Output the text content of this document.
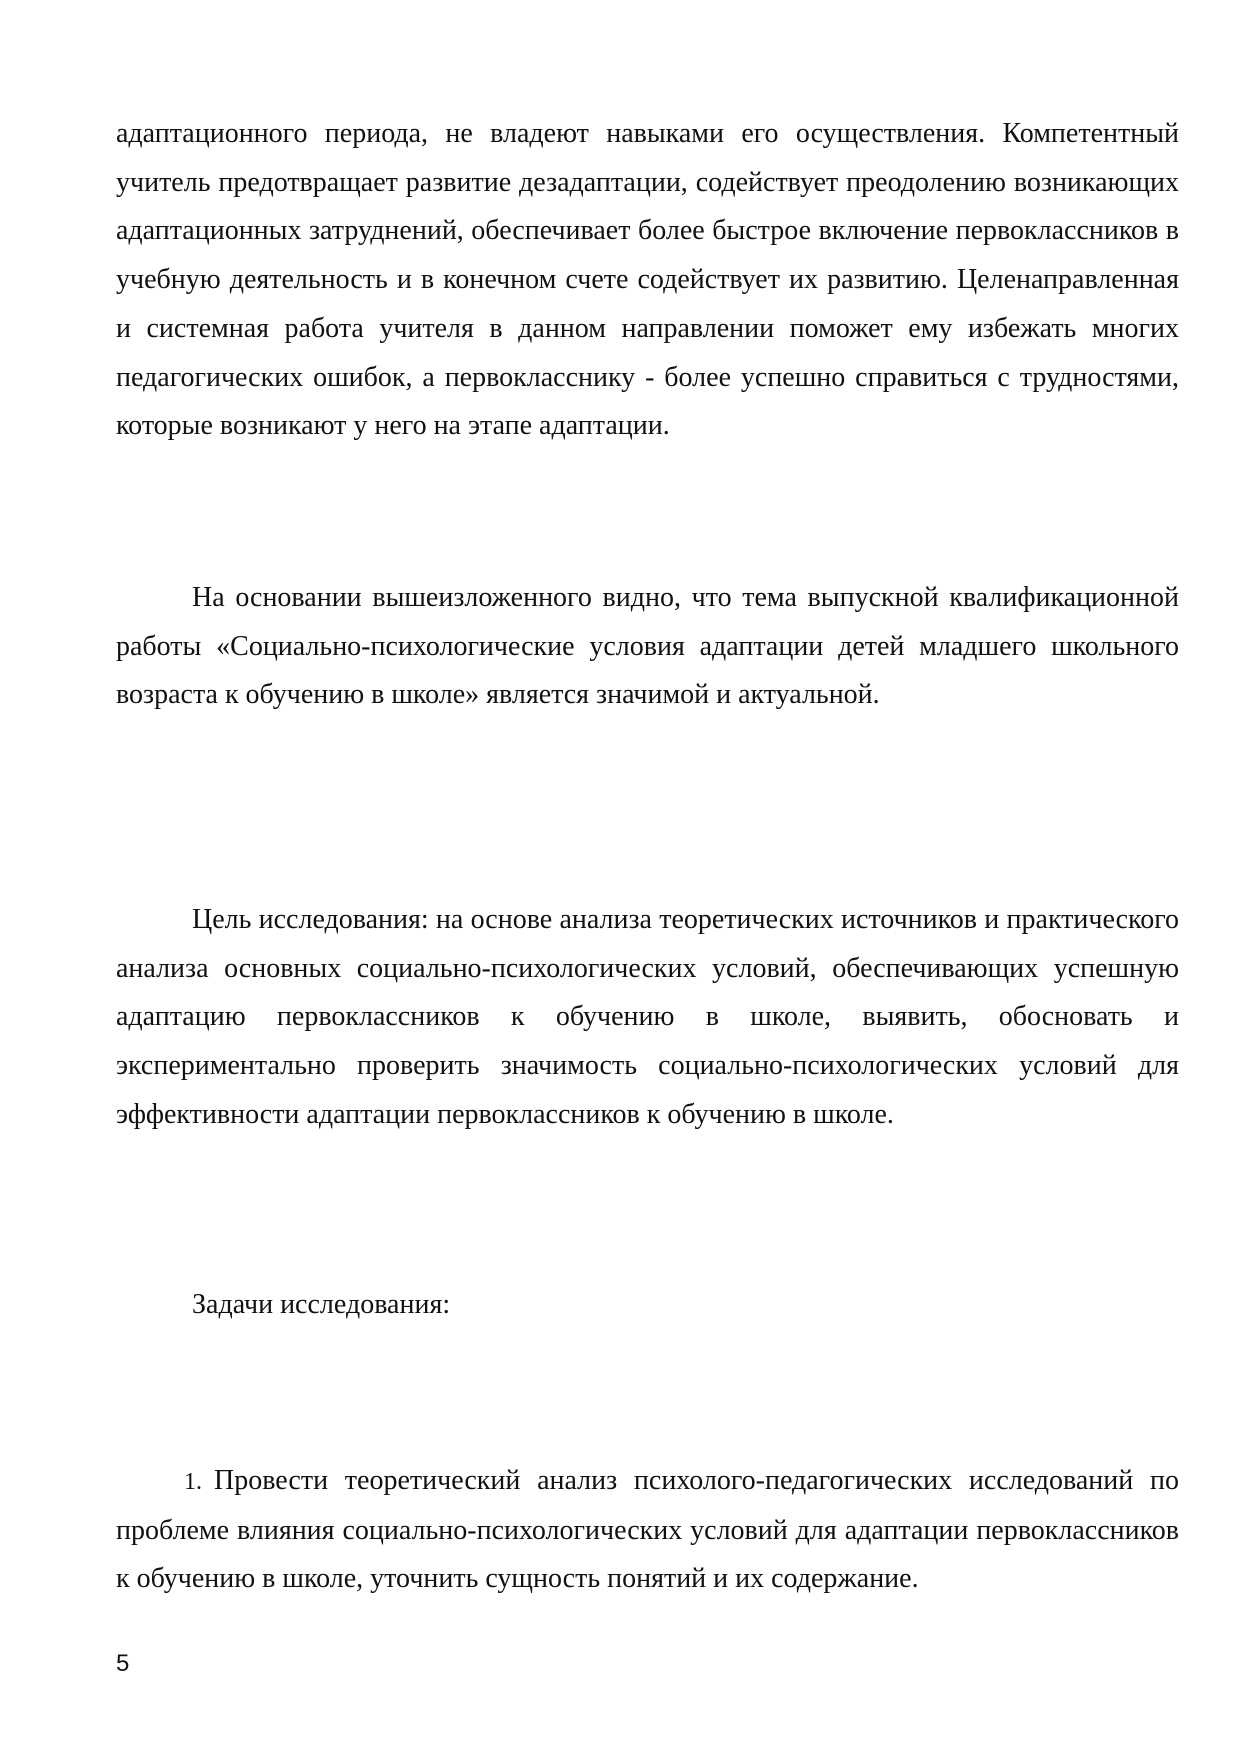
адаптационного периода, не владеют навыками его осуществления. Компетентный учитель предотвращает развитие дезадаптации, содействует преодолению возникающих адаптационных затруднений, обеспечивает более быстрое включение первоклассников в учебную деятельность и в конечном счете содействует их развитию. Целенаправленная и системная работа учителя в данном направлении поможет ему избежать многих педагогических ошибок, а первокласснику - более успешно справиться с трудностями, которые возникают у него на этапе адаптации.

На основании вышеизложенного видно, что тема выпускной квалификационной работы «Социально-психологические условия адаптации детей младшего школьного возраста к обучению в школе» является значимой и актуальной.

Цель исследования: на основе анализа теоретических источников и практического анализа основных социально-психологических условий, обеспечивающих успешную адаптацию первоклассников к обучению в школе, выявить, обосновать и экспериментально проверить значимость социально-психологических условий для эффективности адаптации первоклассников к обучению в школе.

Задачи исследования:

1. Провести теоретический анализ психолого-педагогических исследований по проблеме влияния социально-психологических условий для адаптации первоклассников к обучению в школе, уточнить сущность понятий и их содержание.

5
